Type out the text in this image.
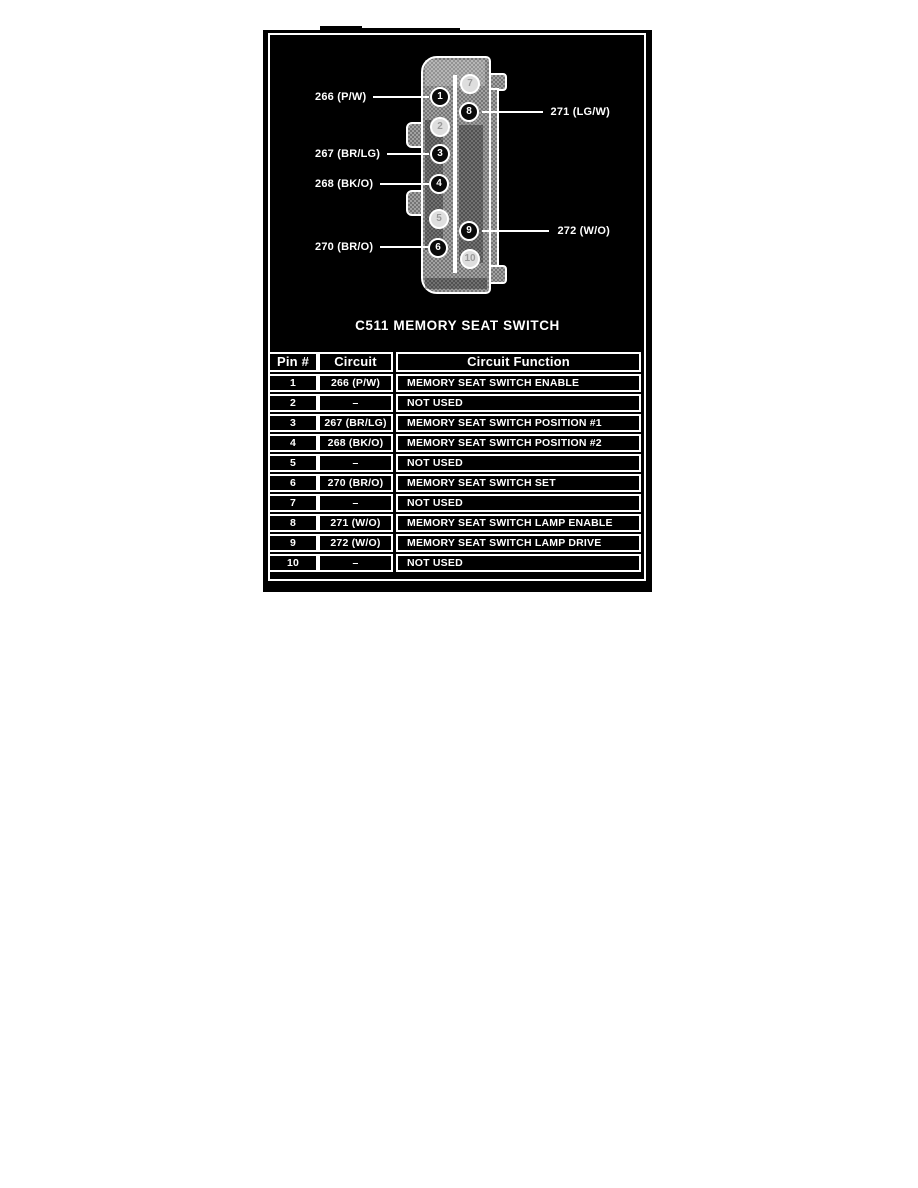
1
2
3
4
5
6
7
8
9
10
266 (P/W)
267 (BR/LG)
268 (BK/O)
270 (BR/O)
271 (LG/W)
272 (W/O)
C511 MEMORY SEAT SWITCH
Pin #	Circuit	Circuit Function
1	266 (P/W)	MEMORY SEAT SWITCH ENABLE
2	–	NOT USED
3	267 (BR/LG)	MEMORY SEAT SWITCH POSITION #1
4	268 (BK/O)	MEMORY SEAT SWITCH POSITION #2
5	–	NOT USED
6	270 (BR/O)	MEMORY SEAT SWITCH SET
7	–	NOT USED
8	271 (W/O)	MEMORY SEAT SWITCH LAMP ENABLE
9	272 (W/O)	MEMORY SEAT SWITCH LAMP DRIVE
10	–	NOT USED
